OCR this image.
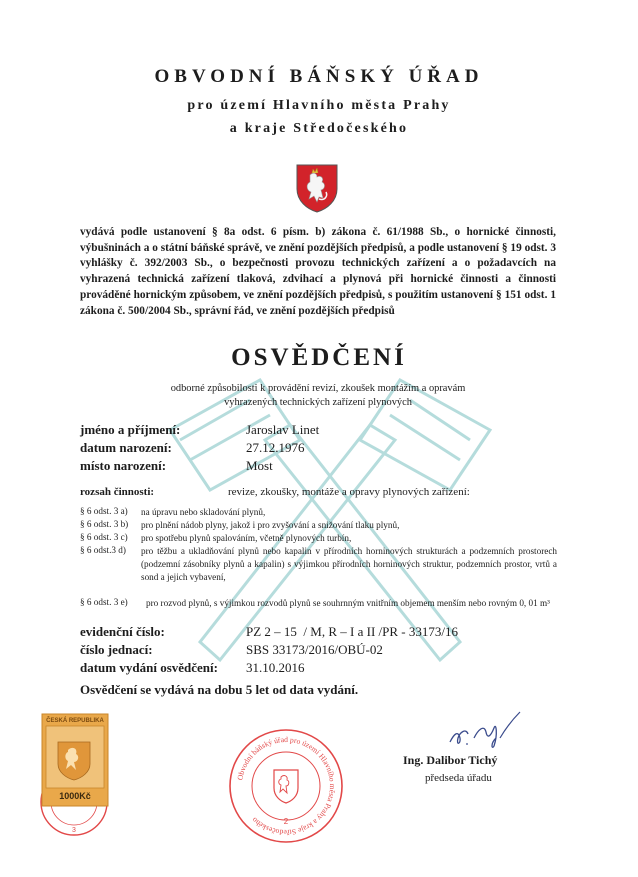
OBVODNÍ BÁŇSKÝ ÚŘAD
pro území Hlavního města Prahy
a kraje Středočeského

vydává podle ustanovení § 8a odst. 6 písm. b) zákona č. 61/1988 Sb., o hornické činnosti, výbušninách a o státní báňské správě, ve znění pozdějších předpisů, a podle ustanovení § 19 odst. 3 vyhlášky č. 392/2003 Sb., o bezpečnosti provozu technických zařízení a o požadavcích na vyhrazená technická zařízení tlaková, zdvihací a plynová při hornické činnosti a činnosti prováděné hornickým způsobem, ve znění pozdějších předpisů, s použitím ustanovení § 151 odst. 1 zákona č. 500/2004 Sb., správní řád, ve znění pozdějších předpisů

OSVĚDČENÍ
odborné způsobilosti k provádění revizí, zkoušek montážím a opravám vyhrazených technických zařízení plynových
jméno a příjmení:	Jaroslav Linet
datum narození:	27.12.1976
místo narození:	Most
rozsah činnosti:	revize, zkoušky, montáže a opravy plynových zařízení:
§ 6 odst. 3 a) na úpravu nebo skladování plynů,
§ 6 odst. 3 b) pro plnění nádob plyny, jakož i pro zvyšování a snižování tlaku plynů,
§ 6 odst. 3 c) pro spotřebu plynů spalováním, včetně plynových turbín,
§ 6 odst.3 d) pro těžbu a ukladňování plynů nebo kapalin v přírodních horninových strukturách a podzemních prostorech (podzemní zásobníky plynů a kapalin) s výjimkou přírodních horninových struktur, podzemních prostor, vrtů a sond a jejich vybavení,
§ 6 odst. 3 e) pro rozvod plynů, s výjimkou rozvodů plynů se souhrnným vnitřním objemem menším nebo rovným 0, 01 m³
evidenční číslo:	PZ 2 – 15  / M, R – I a II /PR - 33173/16
číslo jednací:	SBS 33173/2016/OBÚ-02
datum vydání osvědčení: 31.10.2016
Osvědčení se vydává na dobu 5 let od data vydání.
ČESKÁ REPUBLIKA
1000Kč
3
Obvodní báňský úřad pro území Hlavního města Prahy a kraje Středočeského	2
Ing. Dalibor Tichý
předseda úřadu
